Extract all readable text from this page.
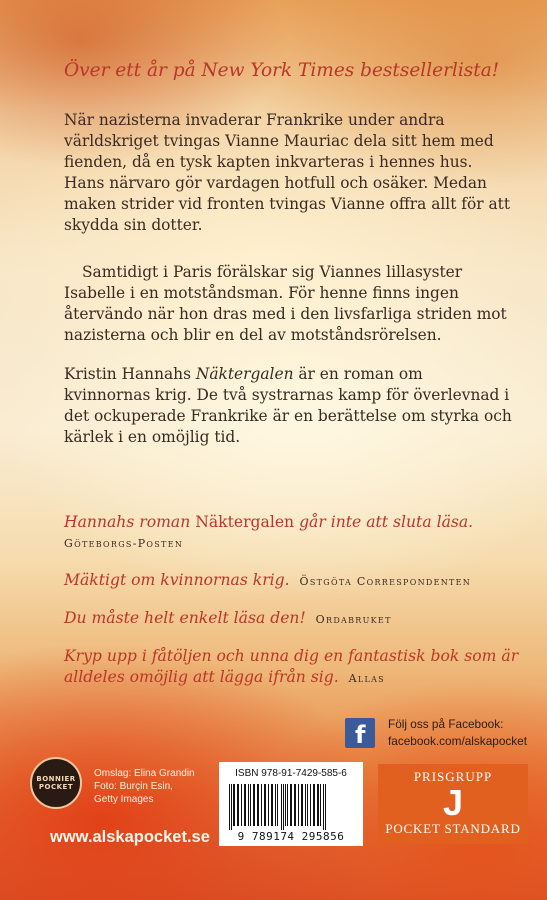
Över ett år på New York Times bestsellerlista!

När nazisterna invaderar Frankrike under andra världskriget tvingas Vianne Mauriac dela sitt hem med fienden, då en tysk kapten inkvarteras i hennes hus. Hans närvaro gör vardagen hotfull och osäker. Medan maken strider vid fronten tvingas Vianne offra allt för att skydda sin dotter.

Samtidigt i Paris förälskar sig Viannes lillasyster Isabelle i en motståndsman. För henne finns ingen återvändo när hon dras med i den livsfarliga striden mot nazisterna och blir en del av motståndsrörelsen.

Kristin Hannahs Näktergalen är en roman om kvinnornas krig. De två systrarnas kamp för överlevnad i det ockuperade Frankrike är en berättelse om styrka och kärlek i en omöjlig tid.

Hannahs roman Näktergalen går inte att sluta läsa.
Göteborgs-Posten

Mäktigt om kvinnornas krig. Östgöta Correspondenten

Du måste helt enkelt läsa den! Ordabruket

Kryp upp i fåtöljen och unna dig en fantastisk bok som är alldeles omöjlig att lägga ifrån sig. Allas

f Följ oss på Facebook:
facebook.com/alskapocket

BONNIER
POCKET

Omslag: Elina Grandin
Foto: Burçin Esin,
Getty Images

ISBN 978-91-7429-585-6
9 789174 295856
PRISGRUPP
J
POCKET STANDARD

www.alskapocket.se
